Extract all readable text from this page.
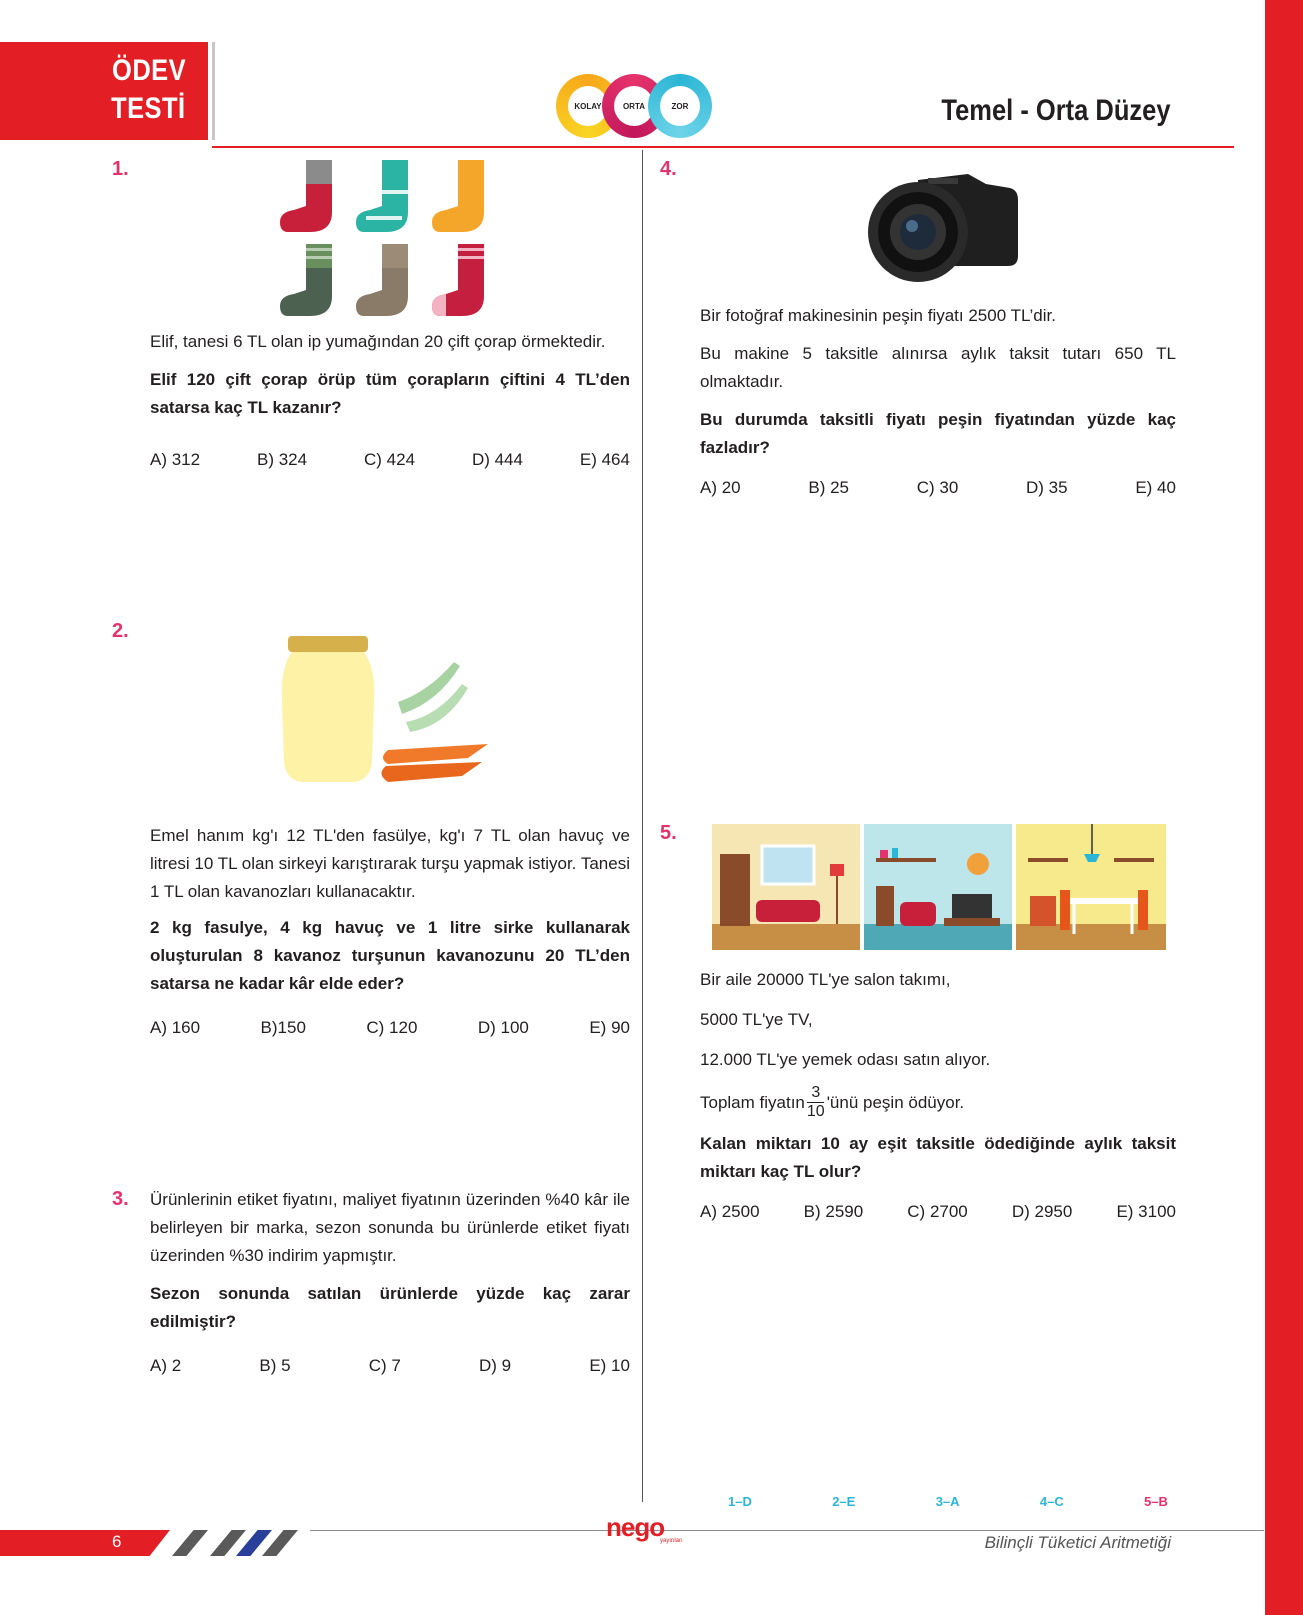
ÖDEV
TESTİ	KOLAY	ORTA	ZOR	Temel - Orta Düzey
1.
Elif, tanesi 6 TL olan ip yumağından 20 çift çorap örmektedir.
Elif 120 çift çorap örüp tüm çorapların çiftini 4 TL’den satarsa kaç TL kazanır?
A) 312	B) 324	C) 424	D) 444	E) 464
2.
Emel hanım kg'ı 12 TL'den fasülye, kg'ı 7 TL olan havuç ve litresi 10 TL olan sirkeyi karıştırarak turşu yapmak istiyor. Tanesi 1 TL olan kavanozları kullanacaktır.
2 kg fasulye, 4 kg havuç ve 1 litre sirke kullanarak oluşturulan 8 kavanoz turşunun kavanozunu 20 TL’den satarsa ne kadar kâr elde eder?
A) 160	B)150	C) 120	D) 100	E) 90
3. Ürünlerinin etiket fiyatını, maliyet fiyatının üzerinden %40 kâr ile belirleyen bir marka, sezon sonunda bu ürünlerde etiket fiyatı üzerinden %30 indirim yapmıştır.
Sezon sonunda satılan ürünlerde yüzde kaç zarar edilmiştir?
A) 2	B) 5	C) 7	D) 9	E) 10
4.
Bir fotoğraf makinesinin peşin fiyatı 2500 TL’dir.
Bu makine 5 taksitle alınırsa aylık taksit tutarı 650 TL olmaktadır.
Bu durumda taksitli fiyatı peşin fiyatından yüzde kaç fazladır?
A) 20	B) 25	C) 30	D) 35	E) 40
5.
Bir aile 20000 TL'ye salon takımı,
5000 TL'ye TV,
12.000 TL'ye yemek odası satın alıyor.
Toplam fiyatın $\frac{3}{10}$ 'ünü peşin ödüyor.
Kalan miktarı 10 ay eşit taksitle ödediğinde aylık taksit miktarı kaç TL olur?
A) 2500	B) 2590	C) 2700	D) 2950	E) 3100
1–D	2–E	3–A	4–C	5–B
6	nego
yayınları	Bilinçli Tüketici Aritmetiği
